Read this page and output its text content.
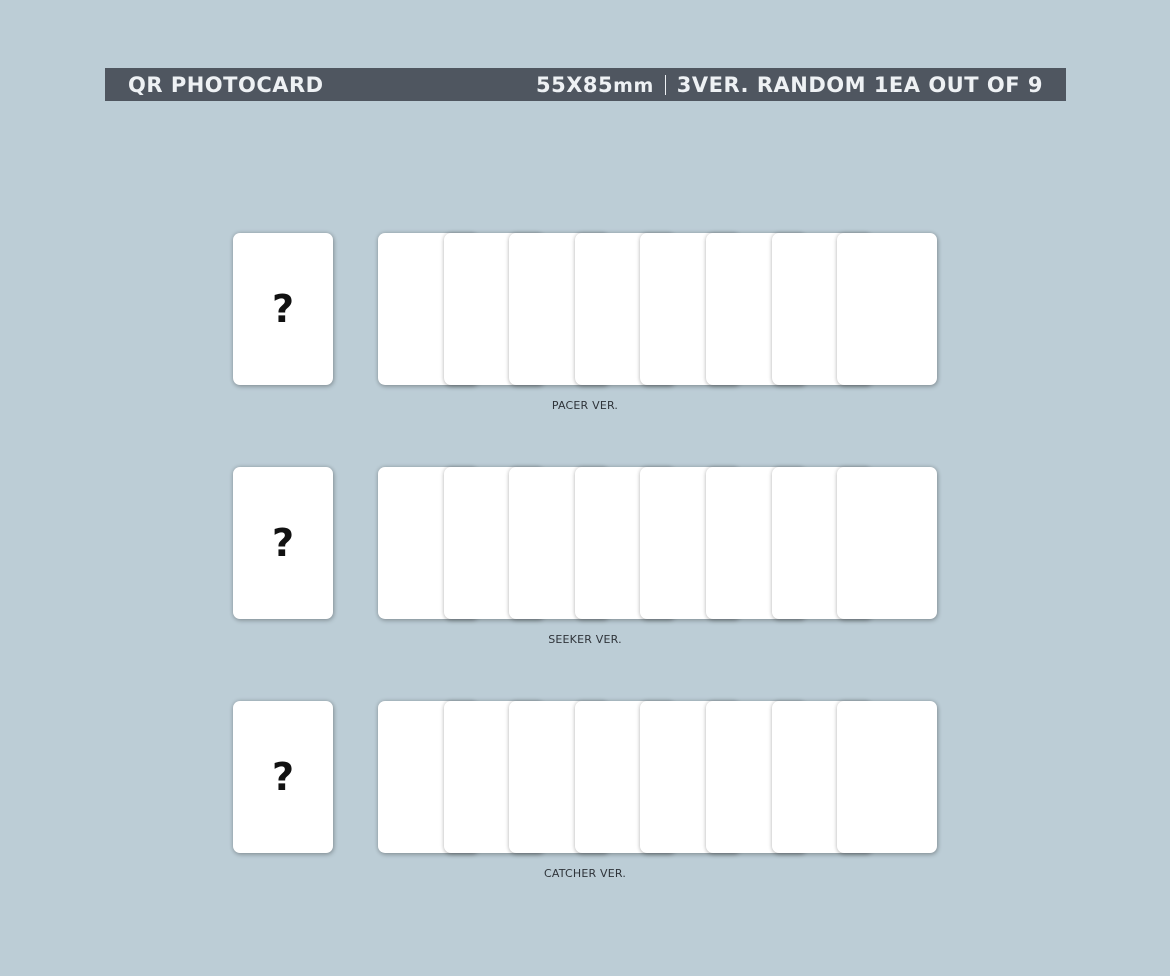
QR PHOTOCARD	55X85mm 3VER. RANDOM 1EA OUT OF 9
?
PACER VER.
?
SEEKER VER.
?
CATCHER VER.
